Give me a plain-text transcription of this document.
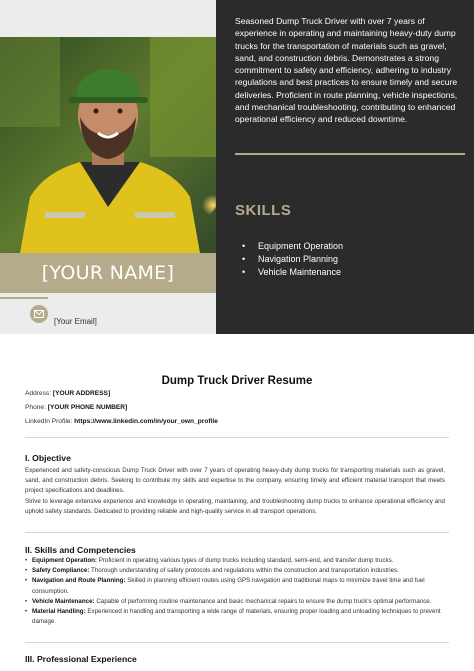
[YOUR NAME]
[Your Email]
Seasoned Dump Truck Driver with over 7 years of experience in operating and maintaining heavy-duty dump trucks for the transportation of materials such as gravel, sand, and construction debris. Demonstrates a strong commitment to safety and efficiency, adhering to industry regulations and best practices to ensure timely and secure deliveries. Proficient in route planning, vehicle inspections, and mechanical troubleshooting, contributing to enhanced operational efficiency and reduced downtime.
SKILLS
• Equipment Operation
• Navigation Planning
• Vehicle Maintenance
Dump Truck Driver Resume
Address: [YOUR ADDRESS]
Phone: [YOUR PHONE NUMBER]
LinkedIn Profile: https://www.linkedin.com/in/your_own_profile
I. Objective
Experienced and safety-conscious Dump Truck Driver with over 7 years of operating heavy-duty dump trucks for transporting materials such as gravel, sand, and construction debris. Seeking to contribute my skills and expertise to the company, ensuring timely and efficient material transport that meets project specifications and deadlines.
Strive to leverage extensive experience and knowledge in operating, maintaining, and troubleshooting dump trucks to enhance operational efficiency and uphold safety standards. Dedicated to providing reliable and high-quality service in all transport operations.
II. Skills and Competencies
• Equipment Operation: Proficient in operating various types of dump trucks including standard, semi-end, and transfer dump trucks.
• Safety Compliance: Thorough understanding of safety protocols and regulations within the construction and transportation industries.
• Navigation and Route Planning: Skilled in planning efficient routes using GPS navigation and traditional maps to minimize travel time and fuel consumption.
• Vehicle Maintenance: Capable of performing routine maintenance and basic mechanical repairs to ensure the dump truck's optimal performance.
• Material Handling: Experienced in handling and transporting a wide range of materials, ensuring proper loading and unloading techniques to prevent damage.
III. Professional Experience
